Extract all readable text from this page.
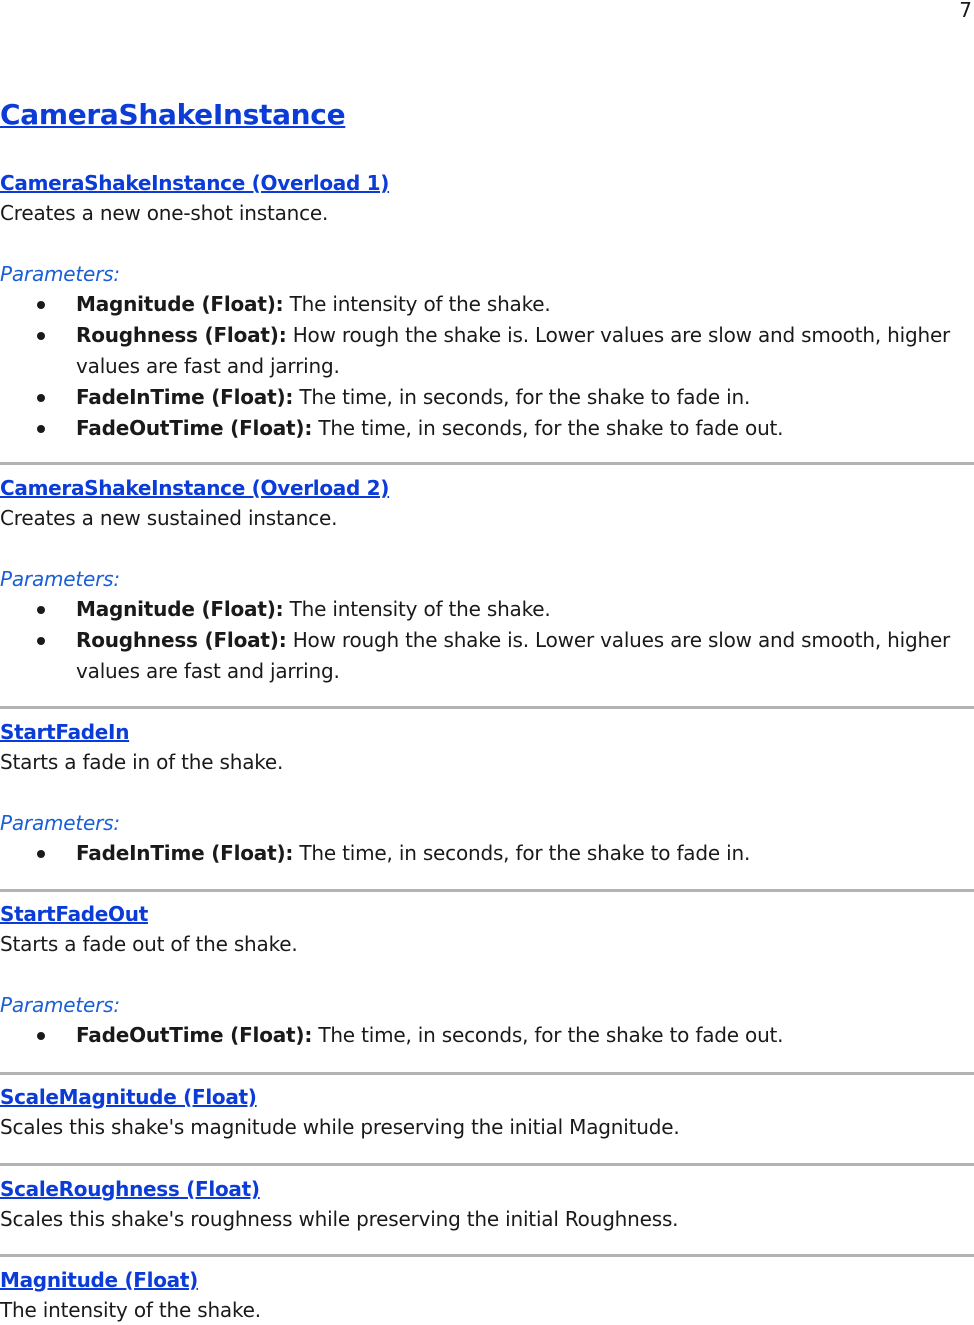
7
CameraShakeInstance
CameraShakeInstance (Overload 1)
Creates a new one-shot instance.
Parameters:
Magnitude (Float): The intensity of the shake.
Roughness (Float): How rough the shake is. Lower values are slow and smooth, higher values are fast and jarring.
FadeInTime (Float): The time, in seconds, for the shake to fade in.
FadeOutTime (Float): The time, in seconds, for the shake to fade out.
CameraShakeInstance (Overload 2)
Creates a new sustained instance.
Parameters:
Magnitude (Float): The intensity of the shake.
Roughness (Float): How rough the shake is. Lower values are slow and smooth, higher values are fast and jarring.
StartFadeIn
Starts a fade in of the shake.
Parameters:
FadeInTime (Float): The time, in seconds, for the shake to fade in.
StartFadeOut
Starts a fade out of the shake.
Parameters:
FadeOutTime (Float): The time, in seconds, for the shake to fade out.
ScaleMagnitude (Float)
Scales this shake's magnitude while preserving the initial Magnitude.
ScaleRoughness (Float)
Scales this shake's roughness while preserving the initial Roughness.
Magnitude (Float)
The intensity of the shake.
